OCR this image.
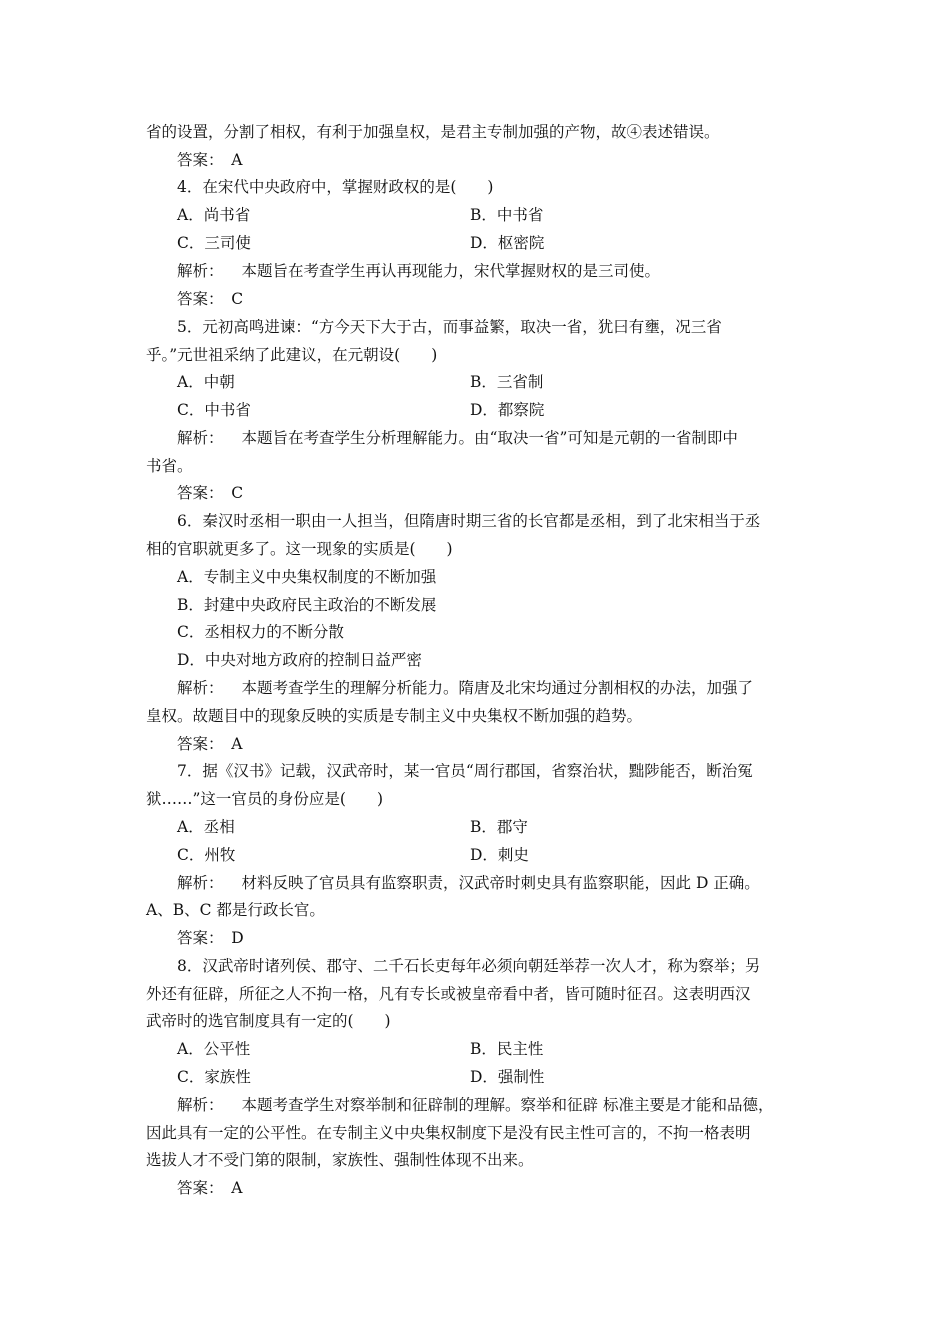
省的设置，分割了相权，有利于加强皇权，是君主专制加强的产物，故④表述错误。
答案：　A
4．在宋代中央政府中，掌握财政权的是(　　)
A．尚书省	B．中书省
C．三司使	D．枢密院
解析： 本题旨在考查学生再认再现能力，宋代掌握财权的是三司使。
答案：　C
5．元初高鸣进谏：“方今天下大于古，而事益繁，取决一省，犹曰有壅，况三省
乎。”元世祖采纳了此建议，在元朝设(　　)
A．中朝	B．三省制
C．中书省	D．都察院
解析： 本题旨在考查学生分析理解能力。由“取决一省”可知是元朝的一省制即中
书省。
答案：　C
6．秦汉时丞相一职由一人担当，但隋唐时期三省的长官都是丞相，到了北宋相当于丞
相的官职就更多了。这一现象的实质是(　　)
A．专制主义中央集权制度的不断加强
B．封建中央政府民主政治的不断发展
C．丞相权力的不断分散
D．中央对地方政府的控制日益严密
解析： 本题考查学生的理解分析能力。隋唐及北宋均通过分割相权的办法，加强了
皇权。故题目中的现象反映的实质是专制主义中央集权不断加强的趋势。
答案：　A
7．据《汉书》记载，汉武帝时，某一官员“周行郡国，省察治状，黜陟能否，断治冤
狱……”这一官员的身份应是(　　)
A．丞相	B．郡守
C．州牧	D．刺史
解析： 材料反映了官员具有监察职责，汉武帝时刺史具有监察职能，因此 D 正确。
A、B、C 都是行政长官。
答案：　D
8．汉武帝时诸列侯、郡守、二千石长吏每年必须向朝廷举荐一次人才，称为察举；另
外还有征辟，所征之人不拘一格，凡有专长或被皇帝看中者，皆可随时征召。这表明西汉
武帝时的选官制度具有一定的(　　)
A．公平性	B．民主性
C．家族性	D．强制性
解析： 本题考查学生对察举制和征辟制的理解。察举和征辟 标准主要是才能和品德，
因此具有一定的公平性。在专制主义中央集权制度下是没有民主性可言的，不拘一格表明
选拔人才不受门第的限制，家族性、强制性体现不出来。
答案：　A
